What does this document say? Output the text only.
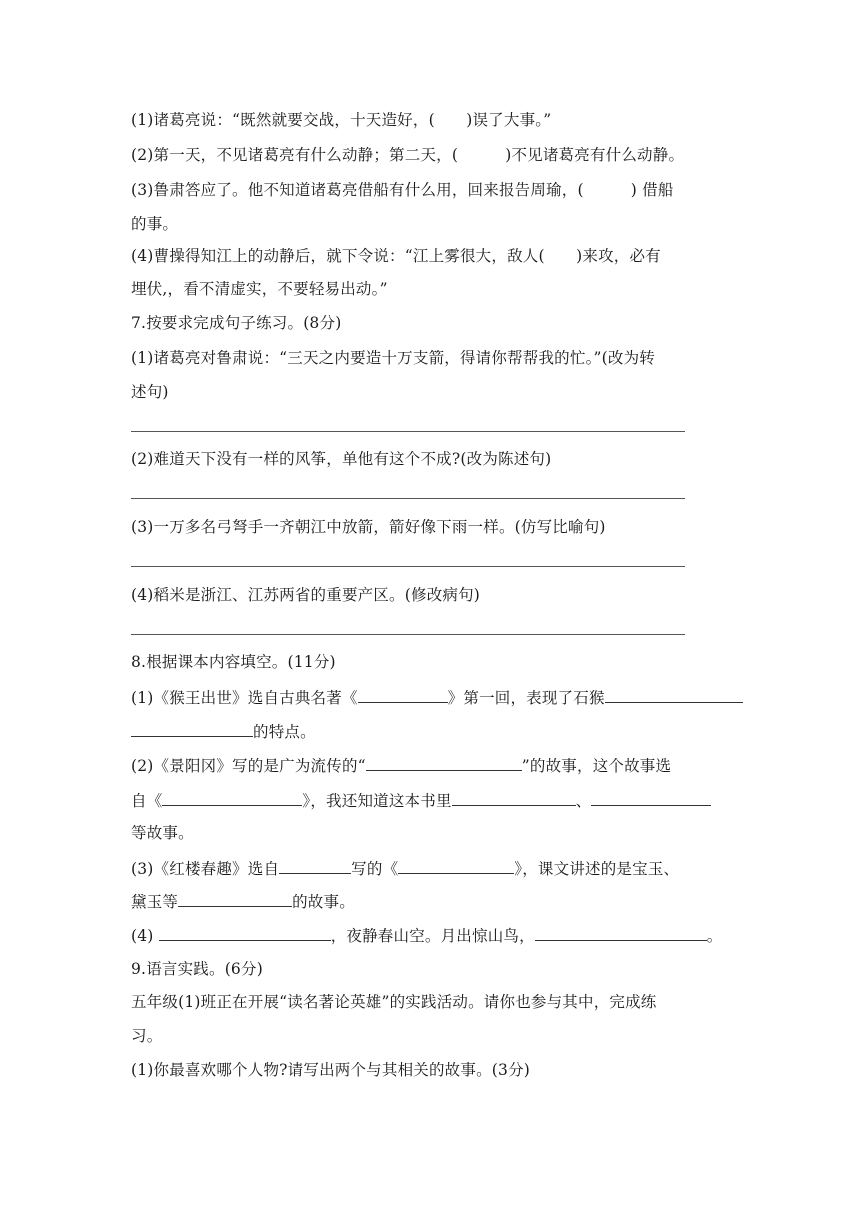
(1)诸葛亮说：“既然就要交战，十天造好，(　　)误了大事。”
(2)第一天，不见诸葛亮有什么动静；第二天，(　　　)不见诸葛亮有什么动静。
(3)鲁肃答应了。他不知道诸葛亮借船有什么用，回来报告周瑜，(　　　) 借船
的事。
(4)曹操得知江上的动静后，就下令说：“江上雾很大，敌人(　　)来攻，必有
埋伏,，看不清虚实，不要轻易出动。”
7.按要求完成句子练习。(8分)
(1)诸葛亮对鲁肃说：“三天之内要造十万支箭，得请你帮帮我的忙。”(改为转
述句)
(2)难道天下没有一样的风筝，单他有这个不成?(改为陈述句)
(3)一万多名弓弩手一齐朝江中放箭，箭好像下雨一样。(仿写比喻句)
(4)稻米是浙江、江苏两省的重要产区。(修改病句)
8.根据课本内容填空。(11分)
(1)《猴王出世》选自古典名著《	》第一回，表现了石猴
的特点。
(2)《景阳冈》写的是广为流传的“	”的故事，这个故事选
自《	》，我还知道这本书里	、
等故事。
(3)《红楼春趣》选自	写的《	》，课文讲述的是宝玉、
黛玉等	的故事。
(4)	，夜静春山空。月出惊山鸟，	。
9.语言实践。(6分)
五年级(1)班正在开展“读名著论英雄”的实践活动。请你也参与其中，完成练
习。
(1)你最喜欢哪个人物?请写出两个与其相关的故事。(3分)
